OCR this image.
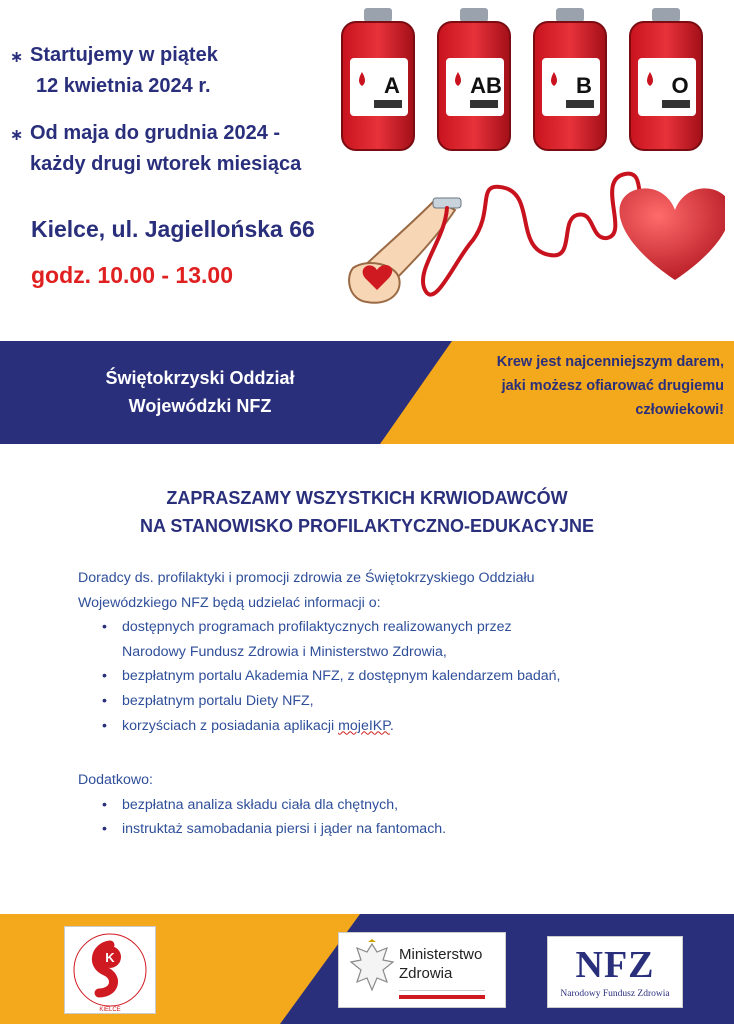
∗ Startujemy w piątek
12 kwietnia 2024 r.
∗ Od maja do grudnia 2024 -
każdy drugi wtorek miesiąca
Kielce, ul. Jagiellońska 66
godz. 10.00 - 13.00
A	AB	B	O
Świętokrzyski Oddział
Wojewódzki NFZ
Krew jest najcenniejszym darem,
jaki możesz ofiarować drugiemu
człowiekowi!
ZAPRASZAMY WSZYSTKICH KRWIODAWCÓW
NA STANOWISKO PROFILAKTYCZNO-EDUKACYJNE

Doradcy ds. profilaktyki i promocji zdrowia ze Świętokrzyskiego Oddziału

Wojewódzkiego NFZ będą udzielać informacji o:

• dostępnych programach profilaktycznych realizowanych przez
Narodowy Fundusz Zdrowia i Ministerstwo Zdrowia,
• bezpłatnym portalu Akademia NFZ, z dostępnym kalendarzem badań,
• bezpłatnym portalu Diety NFZ,
• korzyściach z posiadania aplikacji mojeIKP.

Dodatkowo:

• bezpłatna analiza składu ciała dla chętnych,
• instruktaż samobadania piersi i jąder na fantomach.
K
KIELCE
Ministerstwo
Zdrowia	NFZ
Narodowy Fundusz Zdrowia
